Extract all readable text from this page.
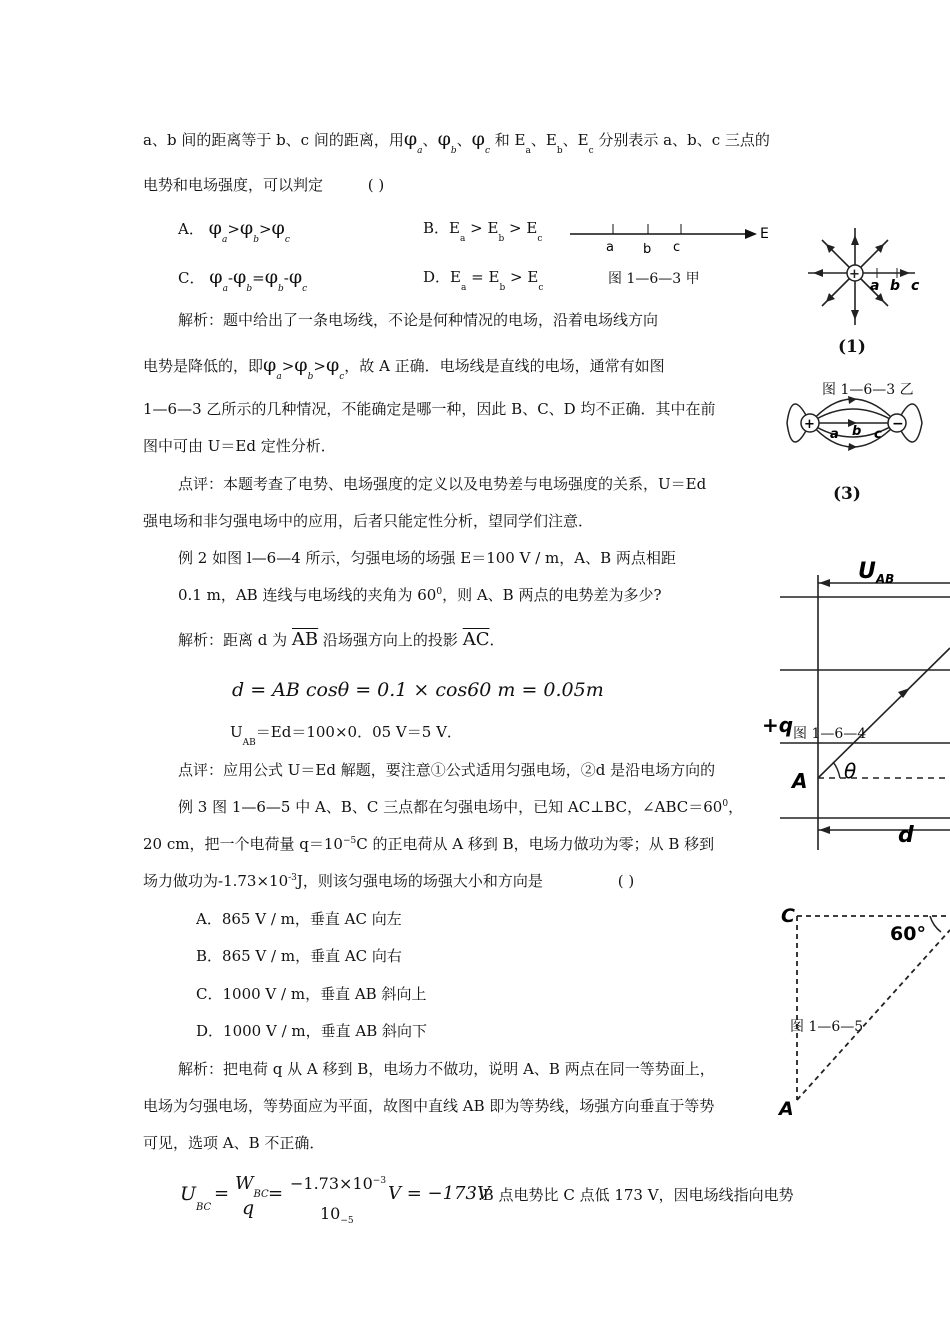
a、b 间的距离等于 b、c 间的距离，用$\varphi_a$、$\varphi_b$、$\varphi_c$ 和 $E_a$、$E_b$、$E_c$ 分别表示 a、b、c 三点的
电势和电场强度，可以判定	( )
A． $\varphi_a>\varphi_b>\varphi_c$
B．$E_a > E_b > E_c$
C． $\varphi_a-\varphi_b=\varphi_b-\varphi_c$
D．$E_a = E_b > E_c$
a b c
E
图 1—6—3 甲	+
a b c
(1)
图 1—6—3 乙
+	−
a b c
(3)
解析：题中给出了一条电场线，不论是何种情况的电场，沿着电场线方向
电势是降低的，即$\varphi_a>\varphi_b>\varphi_c$，故 A 正确．电场线是直线的电场，通常有如图
1—6—3 乙所示的几种情况，不能确定是哪一种，因此 B、C、D 均不正确．其中在前
图中可由 U＝Ed 定性分析．
点评：本题考查了电势、电场强度的定义以及电势差与电场强度的关系，U＝Ed
强电场和非匀强电场中的应用，后者只能定性分析，望同学们注意．
例 2 如图 l—6—4 所示，匀强电场的场强 E＝100 V / m，A、B 两点相距
0.1 m，AB 连线与电场线的夹角为 $60^0$，则 A、B 两点的电势差为多少?
解析：距离 d 为 $\overline{AB}$ 沿场强方向上的投影 $\overline{AC}$．
d = AB cosθ = 0.1 × cos60 m = 0.05m
$U_{AB}=Ed=100\times 0$．05 V＝5 V．
点评：应用公式 U＝Ed 解题，要注意①公式适用匀强电场，②d 是沿电场方向的
$U_{AB}$
+q
A θ
d
图 1—6—4
例 3 图 1—6—5 中 A、B、C 三点都在匀强电场中，已知 AC⊥BC，$\angle ABC=60^0$，
20 cm，把一个电荷量 $q=10^{-5}C$ 的正电荷从 A 移到 B，电场力做功为零；从 B 移到
场力做功为$-1.73\times 10^{-3}J$，则该匀强电场的场强大小和方向是	( )
A．865 V / m，垂直 AC 向左
B．865 V / m，垂直 AC 向右
C．1000 V / m，垂直 AB 斜向上
D．1000 V / m，垂直 AB 斜向下
C
60°
A
图 1—6—5
解析：把电荷 q 从 A 移到 B，电场力不做功，说明 A、B 两点在同一等势面上，
电场为匀强电场，等势面应为平面，故图中直线 AB 即为等势线，场强方向垂直于等势
可见，选项 A、B 不正确．
$U_{BC}$
= $W_{BC}$
q
= $-1.73\times 10^{-3}$
$10_{-5}$
V = −173V
.B 点电势比 C 点低 173 V，因电场线指向电势
